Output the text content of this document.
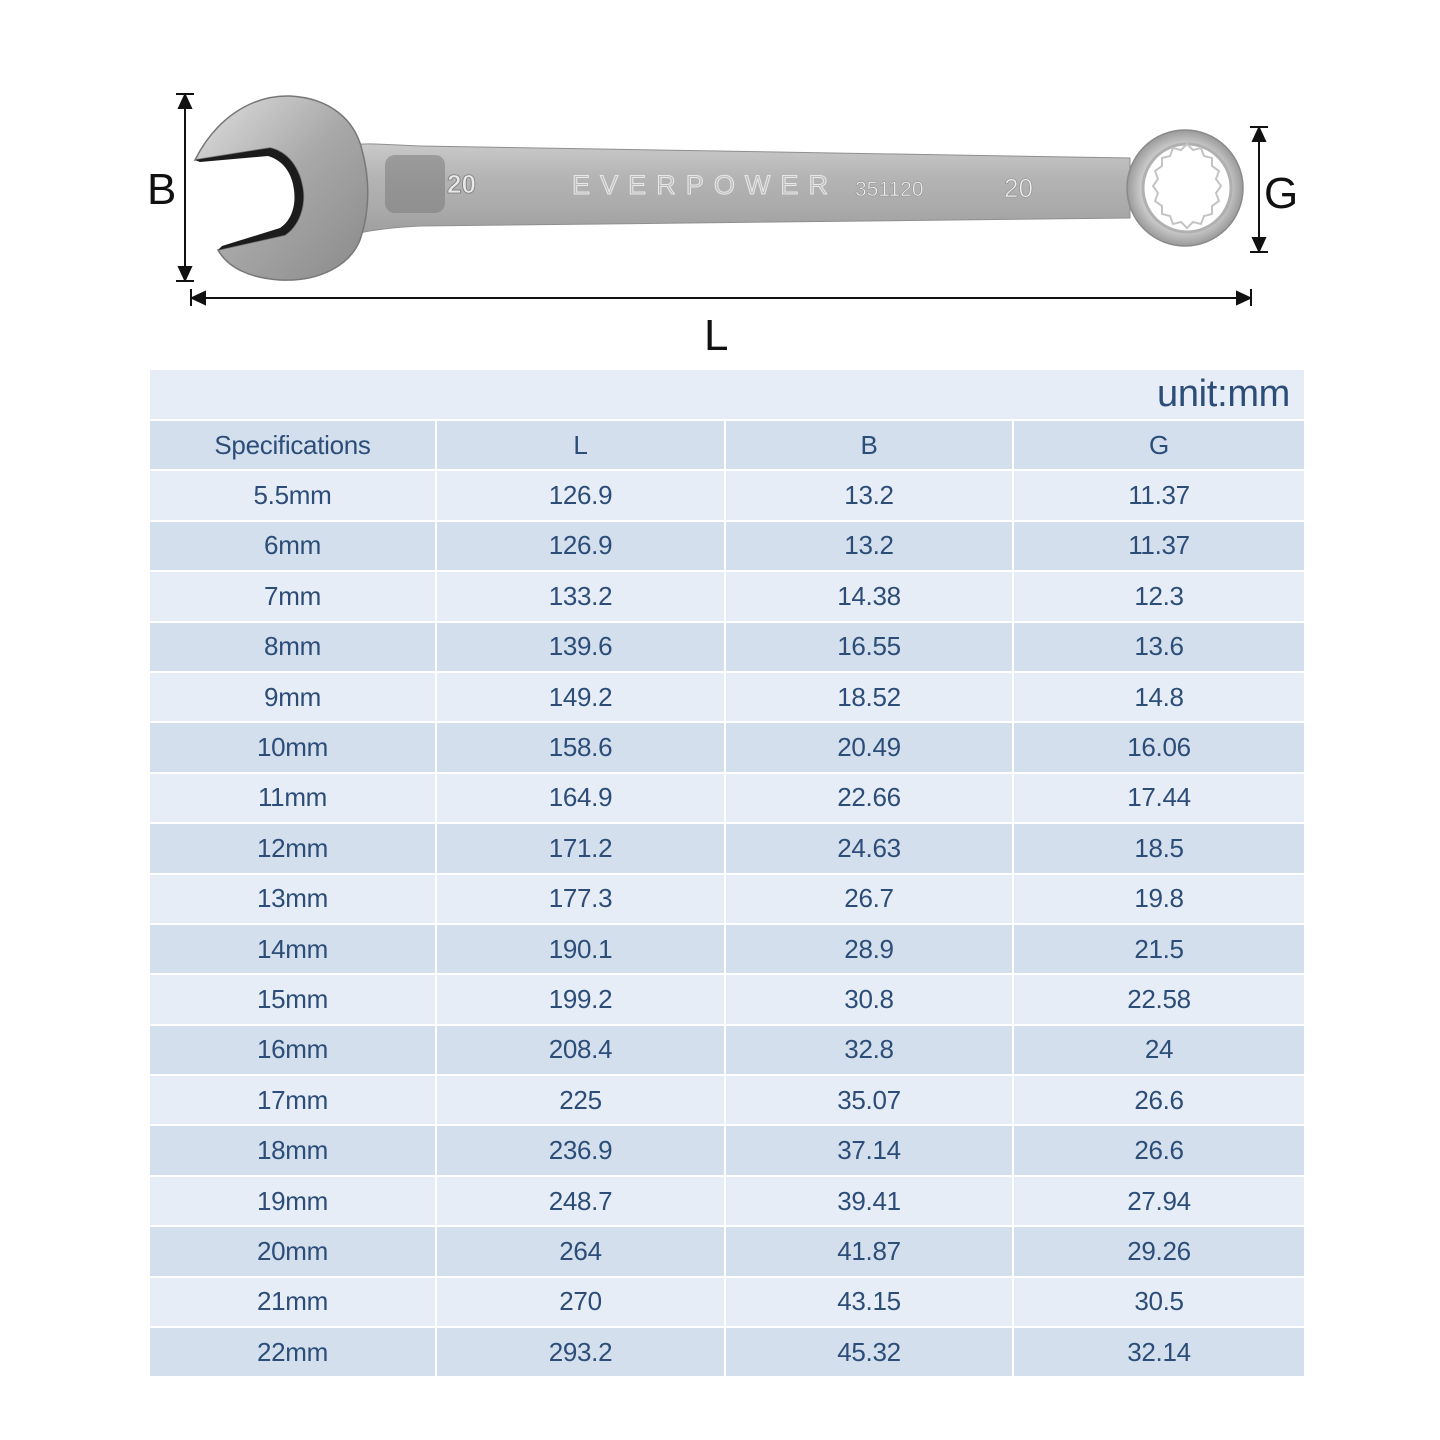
20	EVERPOWER 351120	20
B	G
L
unit:mm			
Specifications	L	B	G
5.5mm	126.9	13.2	11.37
6mm	126.9	13.2	11.37
7mm	133.2	14.38	12.3
8mm	139.6	16.55	13.6
9mm	149.2	18.52	14.8
10mm	158.6	20.49	16.06
11mm	164.9	22.66	17.44
12mm	171.2	24.63	18.5
13mm	177.3	26.7	19.8
14mm	190.1	28.9	21.5
15mm	199.2	30.8	22.58
16mm	208.4	32.8	24
17mm	225	35.07	26.6
18mm	236.9	37.14	26.6
19mm	248.7	39.41	27.94
20mm	264	41.87	29.26
21mm	270	43.15	30.5
22mm	293.2	45.32	32.14
